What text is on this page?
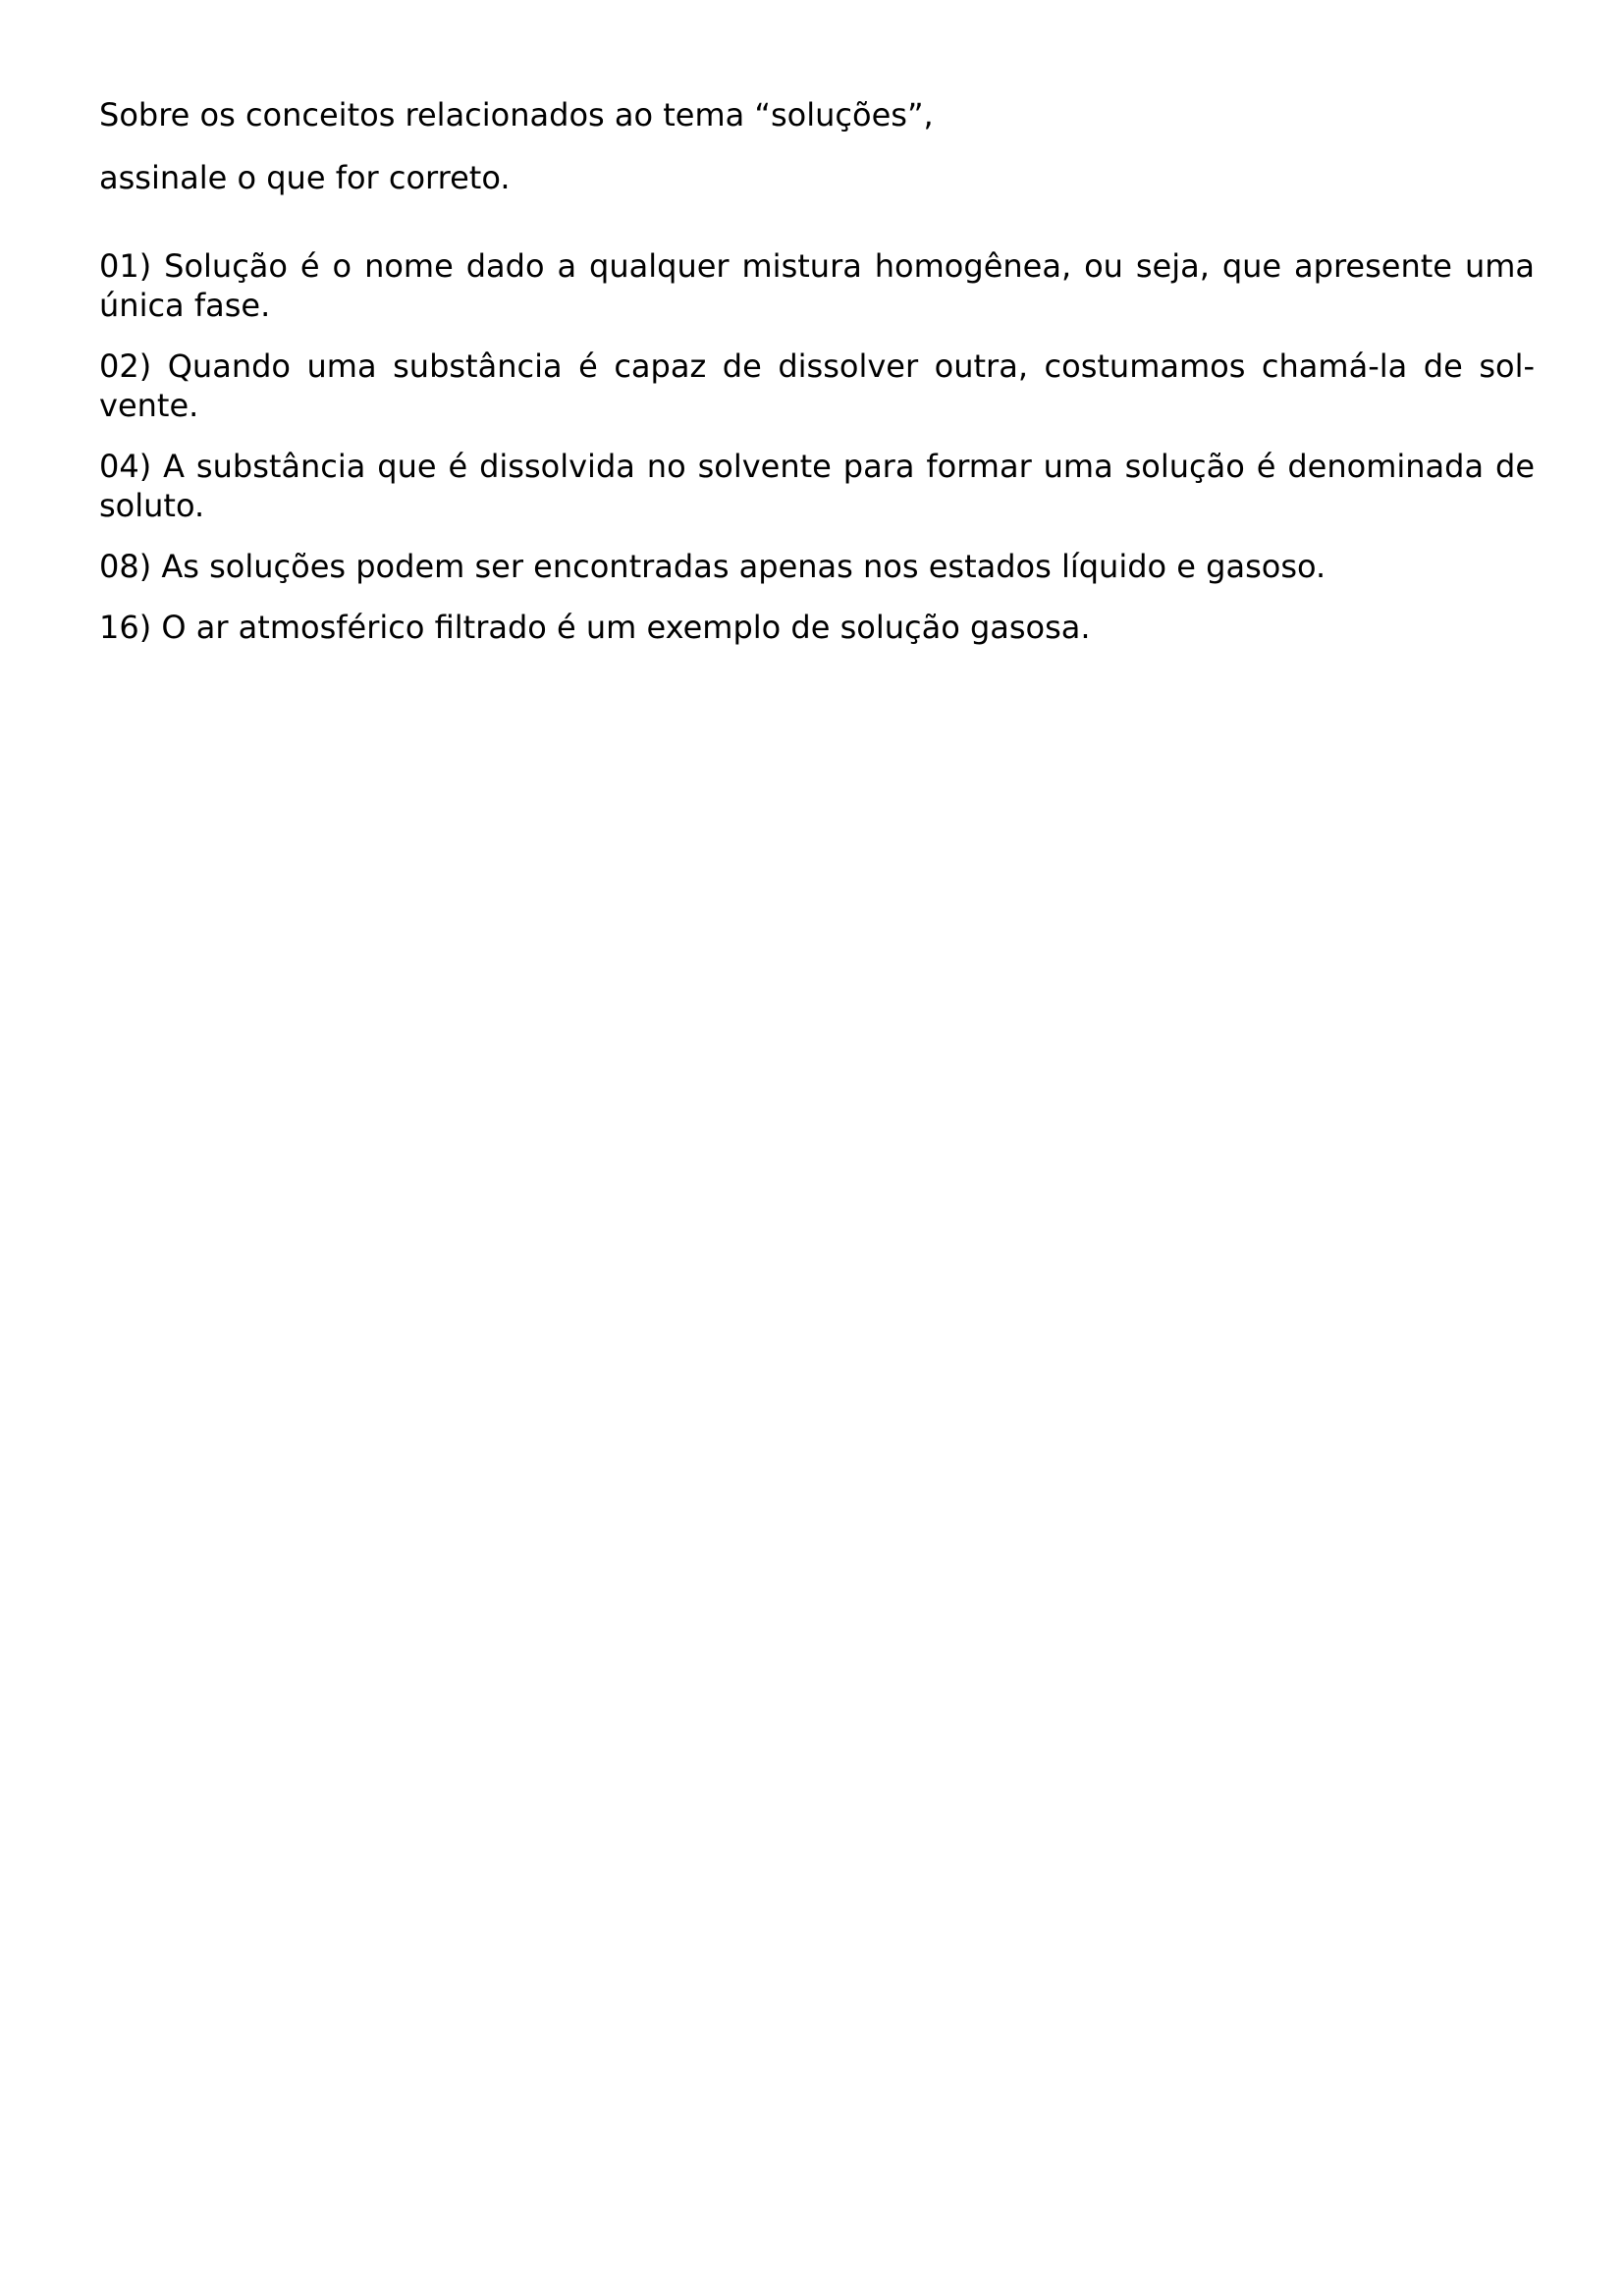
Sobre os conceitos relacionados ao tema “soluções”,

assinale o que for correto.

01) Solução é o nome dado a qualquer mistura homogênea, ou seja, que apresente uma única fase.
02) Quando uma substância é capaz de dissolver outra, costumamos chamá-la de solvente.
04) A substância que é dissolvida no solvente para formar uma solução é denominada de soluto.
08) As soluções podem ser encontradas apenas nos estados líquido e gasoso.
16) O ar atmosférico filtrado é um exemplo de solução gasosa.
